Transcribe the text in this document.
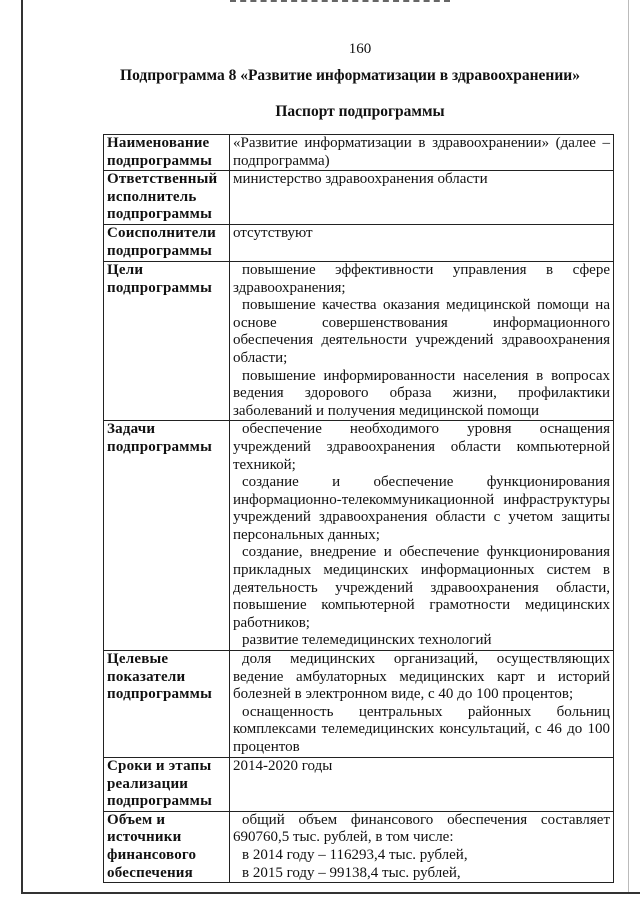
160
Подпрограмма 8 «Развитие информатизации в здравоохранении»
Паспорт подпрограммы
Наименование подпрограммы	«Развитие информатизации в здравоохранении» (далее – подпрограмма)

Ответственный исполнитель подпрограммы	министерство здравоохранения области

Соисполнители подпрограммы	отсутствуют

Цели подпрограммы	повышение эффективности управления в сфере здравоохранения;
повышение качества оказания медицинской помощи на основе совершенствования информационного обеспечения деятельности учреждений здравоохранения области;
повышение информированности населения в вопросах ведения здорового образа жизни, профилактики заболеваний и получения медицинской помощи

Задачи подпрограммы	обеспечение необходимого уровня оснащения учреждений здравоохранения области компьютерной техникой;
создание и обеспечение функционирования информационно-телекоммуникационной инфраструктуры учреждений здравоохранения области с учетом защиты персональных данных;
создание, внедрение и обеспечение функционирования прикладных медицинских информационных систем в деятельность учреждений здравоохранения области, повышение компьютерной грамотности медицинских работников;
развитие телемедицинских технологий

Целевые показатели подпрограммы	доля медицинских организаций, осуществляющих ведение амбулаторных медицинских карт и историй болезней в электронном виде, с 40 до 100 процентов;
оснащенность центральных районных больниц комплексами телемедицинских консультаций, с 46 до 100 процентов

Сроки и этапы реализации подпрограммы	2014-2020 годы

Объем и источники финансового обеспечения	общий объем финансового обеспечения составляет 690760,5 тыс. рублей, в том числе:
в 2014 году – 116293,4 тыс. рублей,
в 2015 году – 99138,4 тыс. рублей,
